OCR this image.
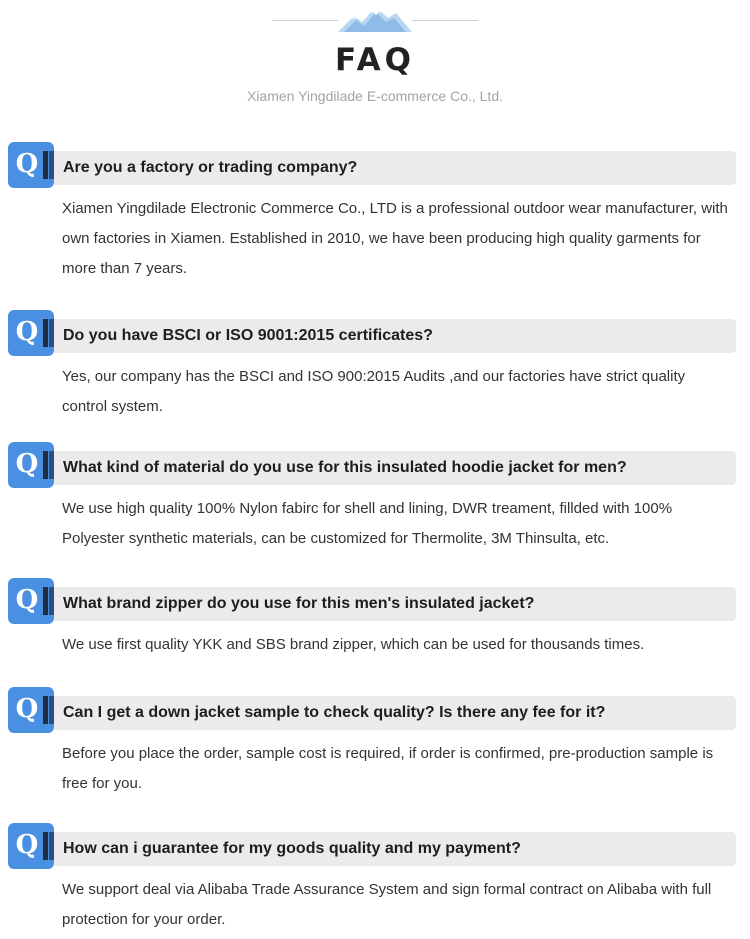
FAQ
Xiamen Yingdilade E-commerce Co., Ltd.
Q Are you a factory or trading company?
Xiamen Yingdilade Electronic Commerce Co., LTD is a professional outdoor wear manufacturer, with own factories in Xiamen. Established in 2010, we have been producing high quality garments for more than 7 years.
Q Do you have BSCI or ISO 9001:2015 certificates?
Yes, our company has the BSCI and ISO 900:2015 Audits ,and our factories have strict quality control system.
Q What kind of material do you use for this insulated hoodie jacket for men?
We use high quality 100% Nylon fabirc for shell and lining, DWR treament, fillded with 100% Polyester synthetic materials, can be customized for Thermolite, 3M Thinsulta, etc.
Q What brand zipper do you use for this men's insulated jacket?
We use first quality YKK and SBS brand zipper, which can be used for thousands times.
Q Can I get a down jacket sample to check quality? Is there any fee for it?
Before you place the order, sample cost is required, if order is confirmed, pre-production sample is free for you.
Q How can i guarantee for my goods quality and my payment?
We support deal via Alibaba Trade Assurance System and sign formal contract on Alibaba with full protection for your order.
